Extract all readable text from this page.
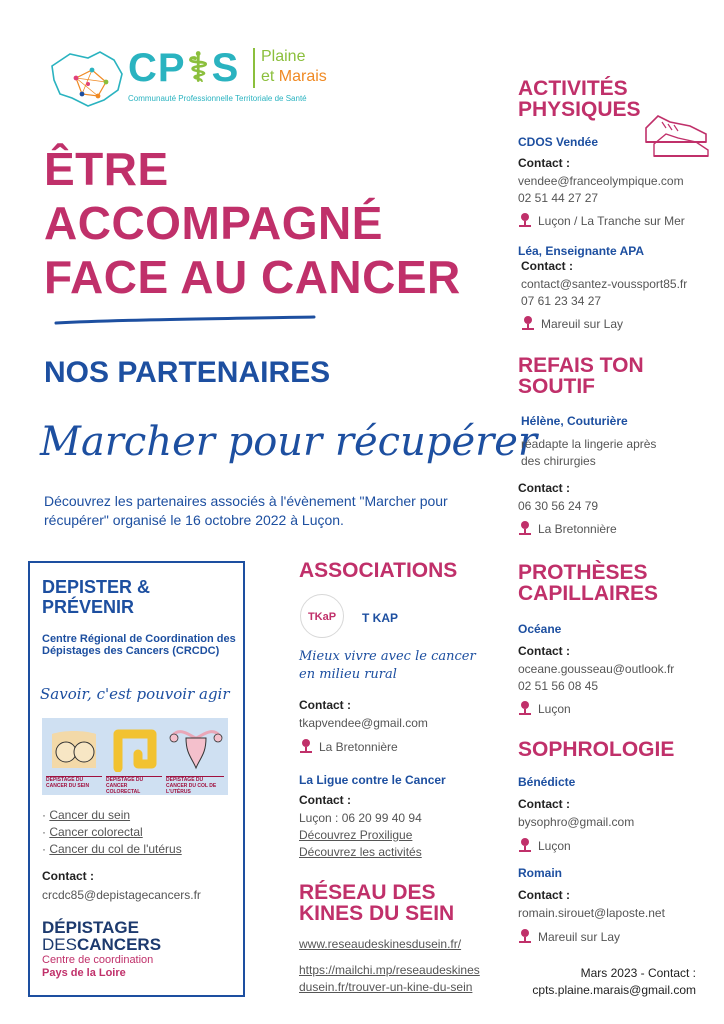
CP⚕S Plaine
et Marais
Communauté Professionnelle Territoriale de Santé
ÊTRE
ACCOMPAGNÉ
FACE AU CANCER
NOS PARTENAIRES
Marcher pour récupérer
Découvrez les partenaires associés à l'évènement "Marcher pour récupérer" organisé le 16 octobre 2022 à Luçon.
DEPISTER &
PRÉVENIR
Centre Régional de Coordination des Dépistages des Cancers (CRCDC)
Savoir, c'est pouvoir agir
DÉPISTAGE DU CANCER DU SEIN
DÉPISTAGE DU CANCER COLORECTAL
DÉPISTAGE DU CANCER DU COL DE L'UTÉRUS
· Cancer du sein
· Cancer colorectal
· Cancer du col de l'utérus
Contact :
crcdc85@depistagecancers.fr
DÉPISTAGE
DESCANCERS
Centre de coordination
Pays de la Loire
ASSOCIATIONS
TKaP	T KAP
Mieux vivre avec le cancer en milieu rural
Contact :
tkapvendee@gmail.com
La Bretonnière
La Ligue contre le Cancer
Contact :
Luçon : 06 20 99 40 94
Découvrez Proxiligue
Découvrez les activités
RÉSEAU DES
KINES DU SEIN
www.reseaudeskinesdusein.fr/
https://mailchi.mp/reseaudeskines
dusein.fr/trouver-un-kine-du-sein
ACTIVITÉS
PHYSIQUES
CDOS Vendée
Contact :
vendee@franceolympique.com
02 51 44 27 27
Luçon / La Tranche sur Mer
Léa, Enseignante APA
Contact :
contact@santez-voussport85.fr
07 61 23 34 27
Mareuil sur Lay
REFAIS TON
SOUTIF
Hélène, Couturière
réadapte la lingerie après
des chirurgies
Contact :
06 30 56 24 79
La Bretonnière
PROTHÈSES
CAPILLAIRES
Océane
Contact :
oceane.gousseau@outlook.fr
02 51 56 08 45
Luçon
SOPHROLOGIE
Bénédicte
Contact :
bysophro@gmail.com
Luçon
Romain
Contact :
romain.sirouet@laposte.net
Mareuil sur Lay
Mars 2023 - Contact :
cpts.plaine.marais@gmail.com
